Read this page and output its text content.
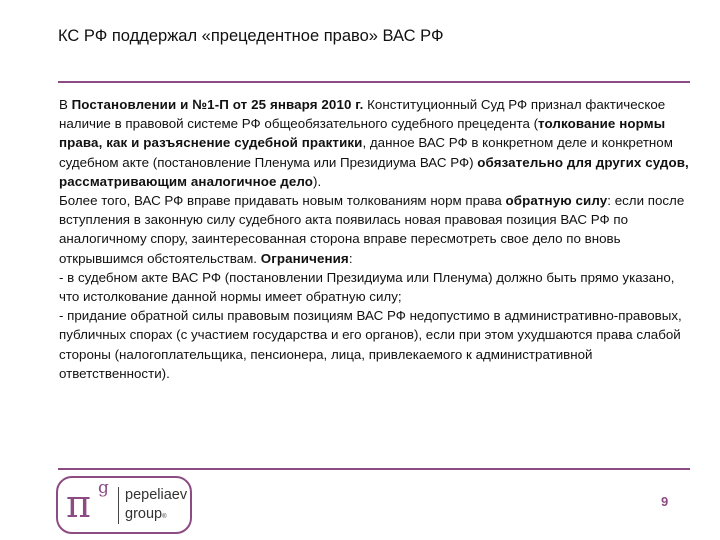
КС РФ поддержал «прецедентное право» ВАС РФ

В Постановлении и №1-П от 25 января 2010 г. Конституционный Суд РФ признал фактическое наличие в правовой системе РФ общеобязательного судебного прецедента (толкование нормы права, как и разъяснение судебной практики, данное ВАС РФ в конкретном деле и конкретном судебном акте (постановление Пленума или Президиума ВАС РФ) обязательно для других судов, рассматривающим аналогичное дело).

Более того, ВАС РФ вправе придавать новым толкованиям норм права обратную силу: если после вступления в законную силу судебного акта появилась новая правовая позиция ВАС РФ по аналогичному спору, заинтересованная сторона вправе пересмотреть свое дело по вновь открывшимся обстоятельствам. Ограничения:

- в судебном акте ВАС РФ (постановлении Президиума или Пленума) должно быть прямо указано, что истолкование данной нормы имеет обратную силу;

- придание обратной силы правовым позициям ВАС РФ недопустимо в административно-правовых, публичных спорах (с участием государства и его органов), если при этом ухудшаются права слабой стороны (налогоплательщика, пенсионера, лица, привлекаемого к административной ответственности).

π g pepeliaev
group®
9
